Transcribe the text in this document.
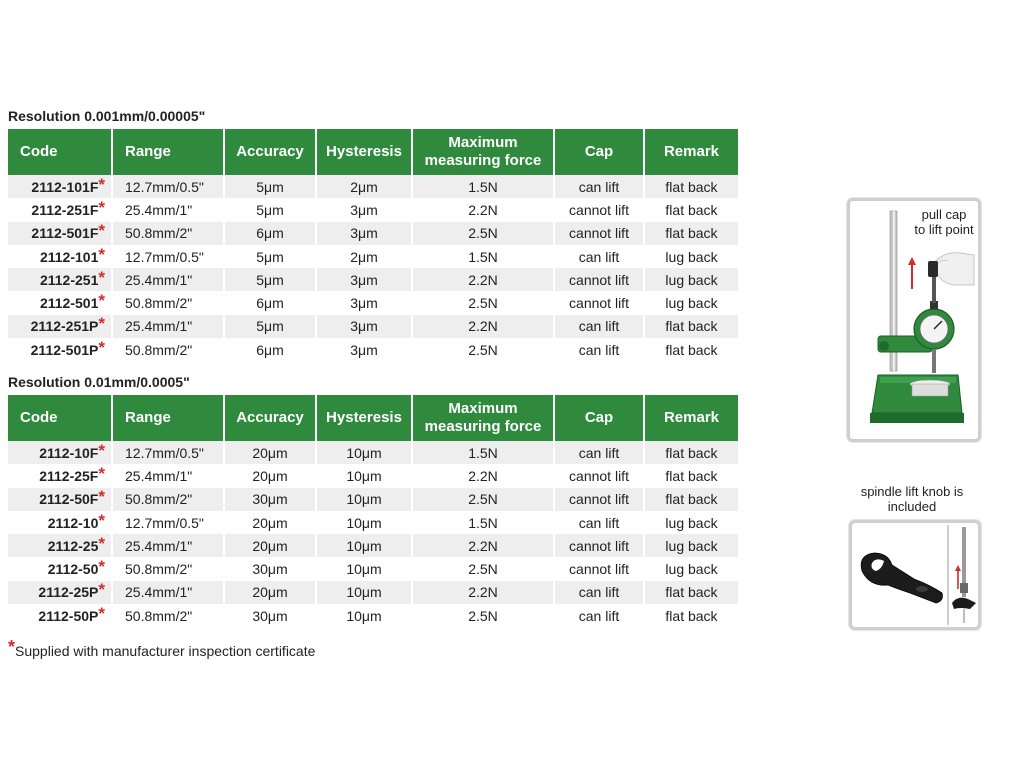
Resolution 0.001mm/0.00005"
Code	Range	Accuracy	Hysteresis	Maximum measuring force	Cap	Remark
2112-101F*	12.7mm/0.5"	5μm	2μm	1.5N	can lift	flat back
2112-251F*	25.4mm/1"	5μm	3μm	2.2N	cannot lift	flat back
2112-501F*	50.8mm/2"	6μm	3μm	2.5N	cannot lift	flat back
2112-101*	12.7mm/0.5"	5μm	2μm	1.5N	can lift	lug back
2112-251*	25.4mm/1"	5μm	3μm	2.2N	cannot lift	lug back
2112-501*	50.8mm/2"	6μm	3μm	2.5N	cannot lift	lug back
2112-251P*	25.4mm/1"	5μm	3μm	2.2N	can lift	flat back
2112-501P*	50.8mm/2"	6μm	3μm	2.5N	can lift	flat back
Resolution 0.01mm/0.0005"
Code	Range	Accuracy	Hysteresis	Maximum measuring force	Cap	Remark
2112-10F*	12.7mm/0.5"	20μm	10μm	1.5N	can lift	flat back
2112-25F*	25.4mm/1"	20μm	10μm	2.2N	cannot lift	flat back
2112-50F*	50.8mm/2"	30μm	10μm	2.5N	cannot lift	flat back
2112-10*	12.7mm/0.5"	20μm	10μm	1.5N	can lift	lug back
2112-25*	25.4mm/1"	20μm	10μm	2.2N	cannot lift	lug back
2112-50*	50.8mm/2"	30μm	10μm	2.5N	cannot lift	lug back
2112-25P*	25.4mm/1"	20μm	10μm	2.2N	can lift	flat back
2112-50P*	50.8mm/2"	30μm	10μm	2.5N	can lift	flat back
*Supplied with manufacturer inspection certificate
pull cap
to lift point
spindle lift knob is
included
